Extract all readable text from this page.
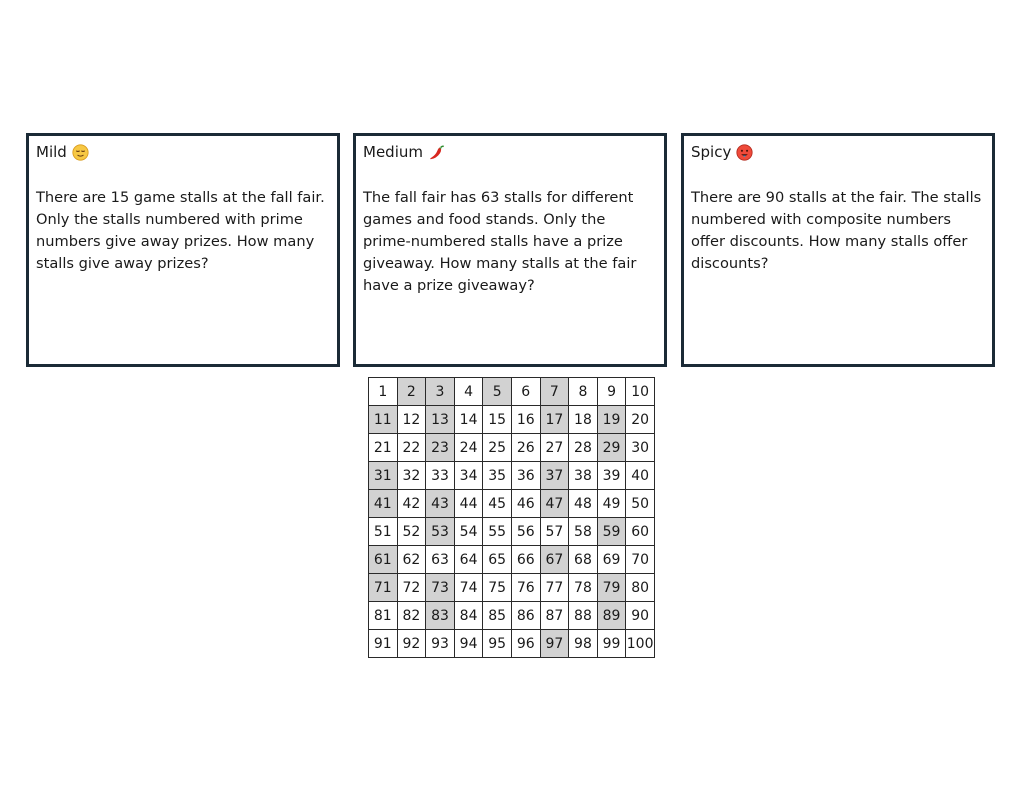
Mild
There are 15 game stalls at the fall fair. Only the stalls numbered with prime numbers give away prizes. How many stalls give away prizes?
Medium
The fall fair has 63 stalls for different games and food stands. Only the prime-numbered stalls have a prize giveaway. How many stalls at the fair have a prize giveaway?
Spicy
There are 90 stalls at the fair. The stalls numbered with composite numbers offer discounts. How many stalls offer discounts?
1	2	3	4	5	6	7	8	9	10
11	12	13	14	15	16	17	18	19	20
21	22	23	24	25	26	27	28	29	30
31	32	33	34	35	36	37	38	39	40
41	42	43	44	45	46	47	48	49	50
51	52	53	54	55	56	57	58	59	60
61	62	63	64	65	66	67	68	69	70
71	72	73	74	75	76	77	78	79	80
81	82	83	84	85	86	87	88	89	90
91	92	93	94	95	96	97	98	99	100
